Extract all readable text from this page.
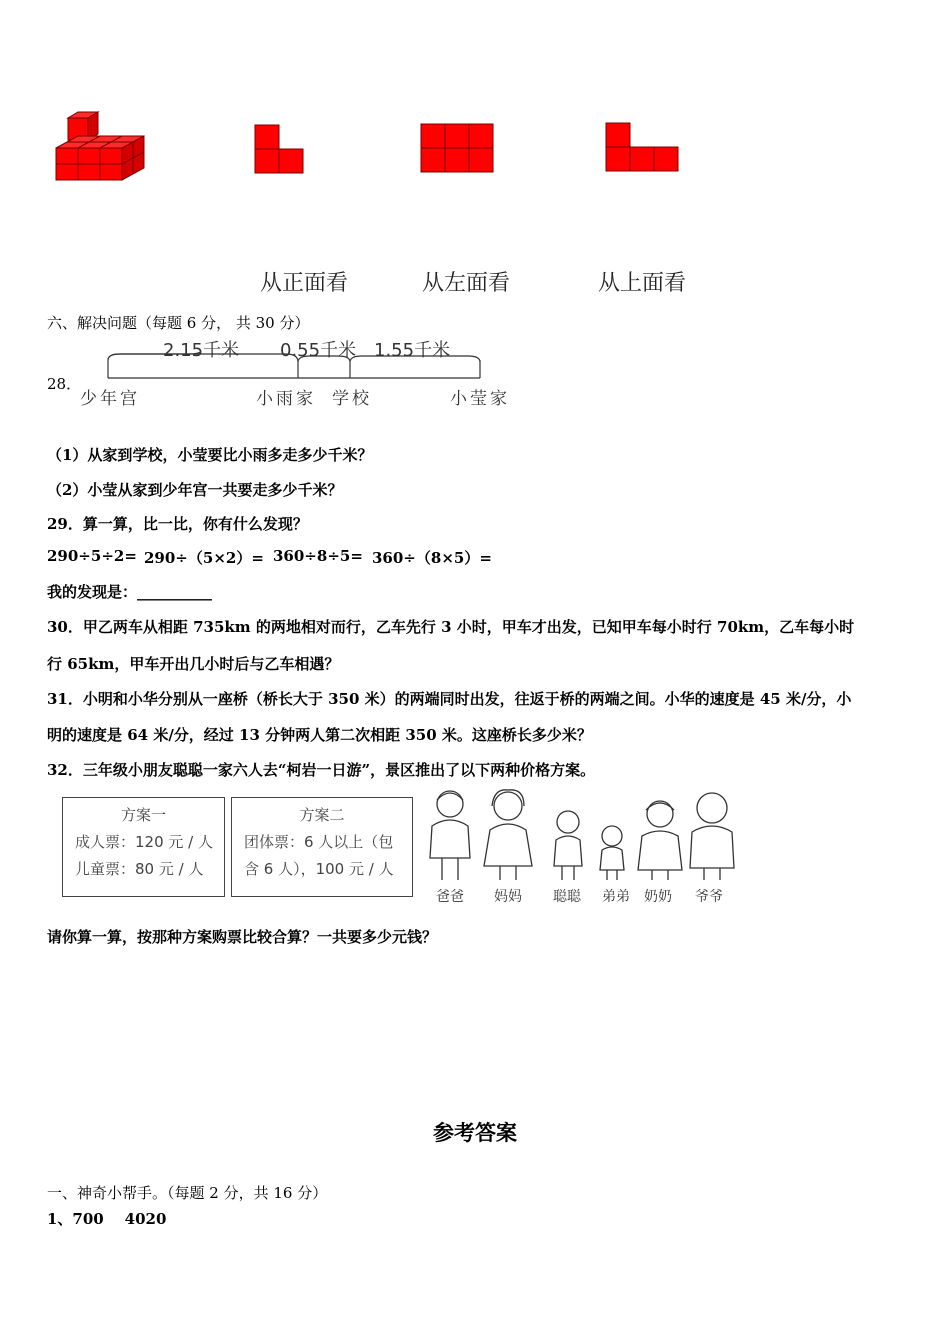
从正面看	从左面看	从上面看
六、解决问题（每题 6 分， 共 30 分）
28．
2.15千米 0.55千米 1.55千米
少年宫	小雨家 学校	小莹家
（1）从家到学校，小莹要比小雨多走多少千米？
（2）小莹从家到少年宫一共要走多少千米？
29．算一算，比一比，你有什么发现？
290÷5÷2= 290÷（5×2）= 360÷8÷5= 360÷（8×5）=
我的发现是：__________
30．甲乙两车从相距 735km 的两地相对而行，乙车先行 3 小时，甲车才出发，已知甲车每小时行 70km，乙车每小时
行 65km，甲车开出几小时后与乙车相遇？
31．小明和小华分别从一座桥（桥长大于 350 米）的两端同时出发，往返于桥的两端之间。小华的速度是 45 米/分，小
明的速度是 64 米/分，经过 13 分钟两人第二次相距 350 米。这座桥长多少米？
32．三年级小朋友聪聪一家六人去“柯岩一日游”，景区推出了以下两种价格方案。
方案一
成人票：120 元 / 人
儿童票：80 元 / 人
方案二
团体票：6 人以上（包
含 6 人），100 元 / 人
爸爸 妈妈 聪聪 弟弟 奶奶 爷爷
请你算一算，按那种方案购票比较合算？一共要多少元钱？
参考答案
一、神奇小帮手。（每题 2 分，共 16 分）
1、700    4020
